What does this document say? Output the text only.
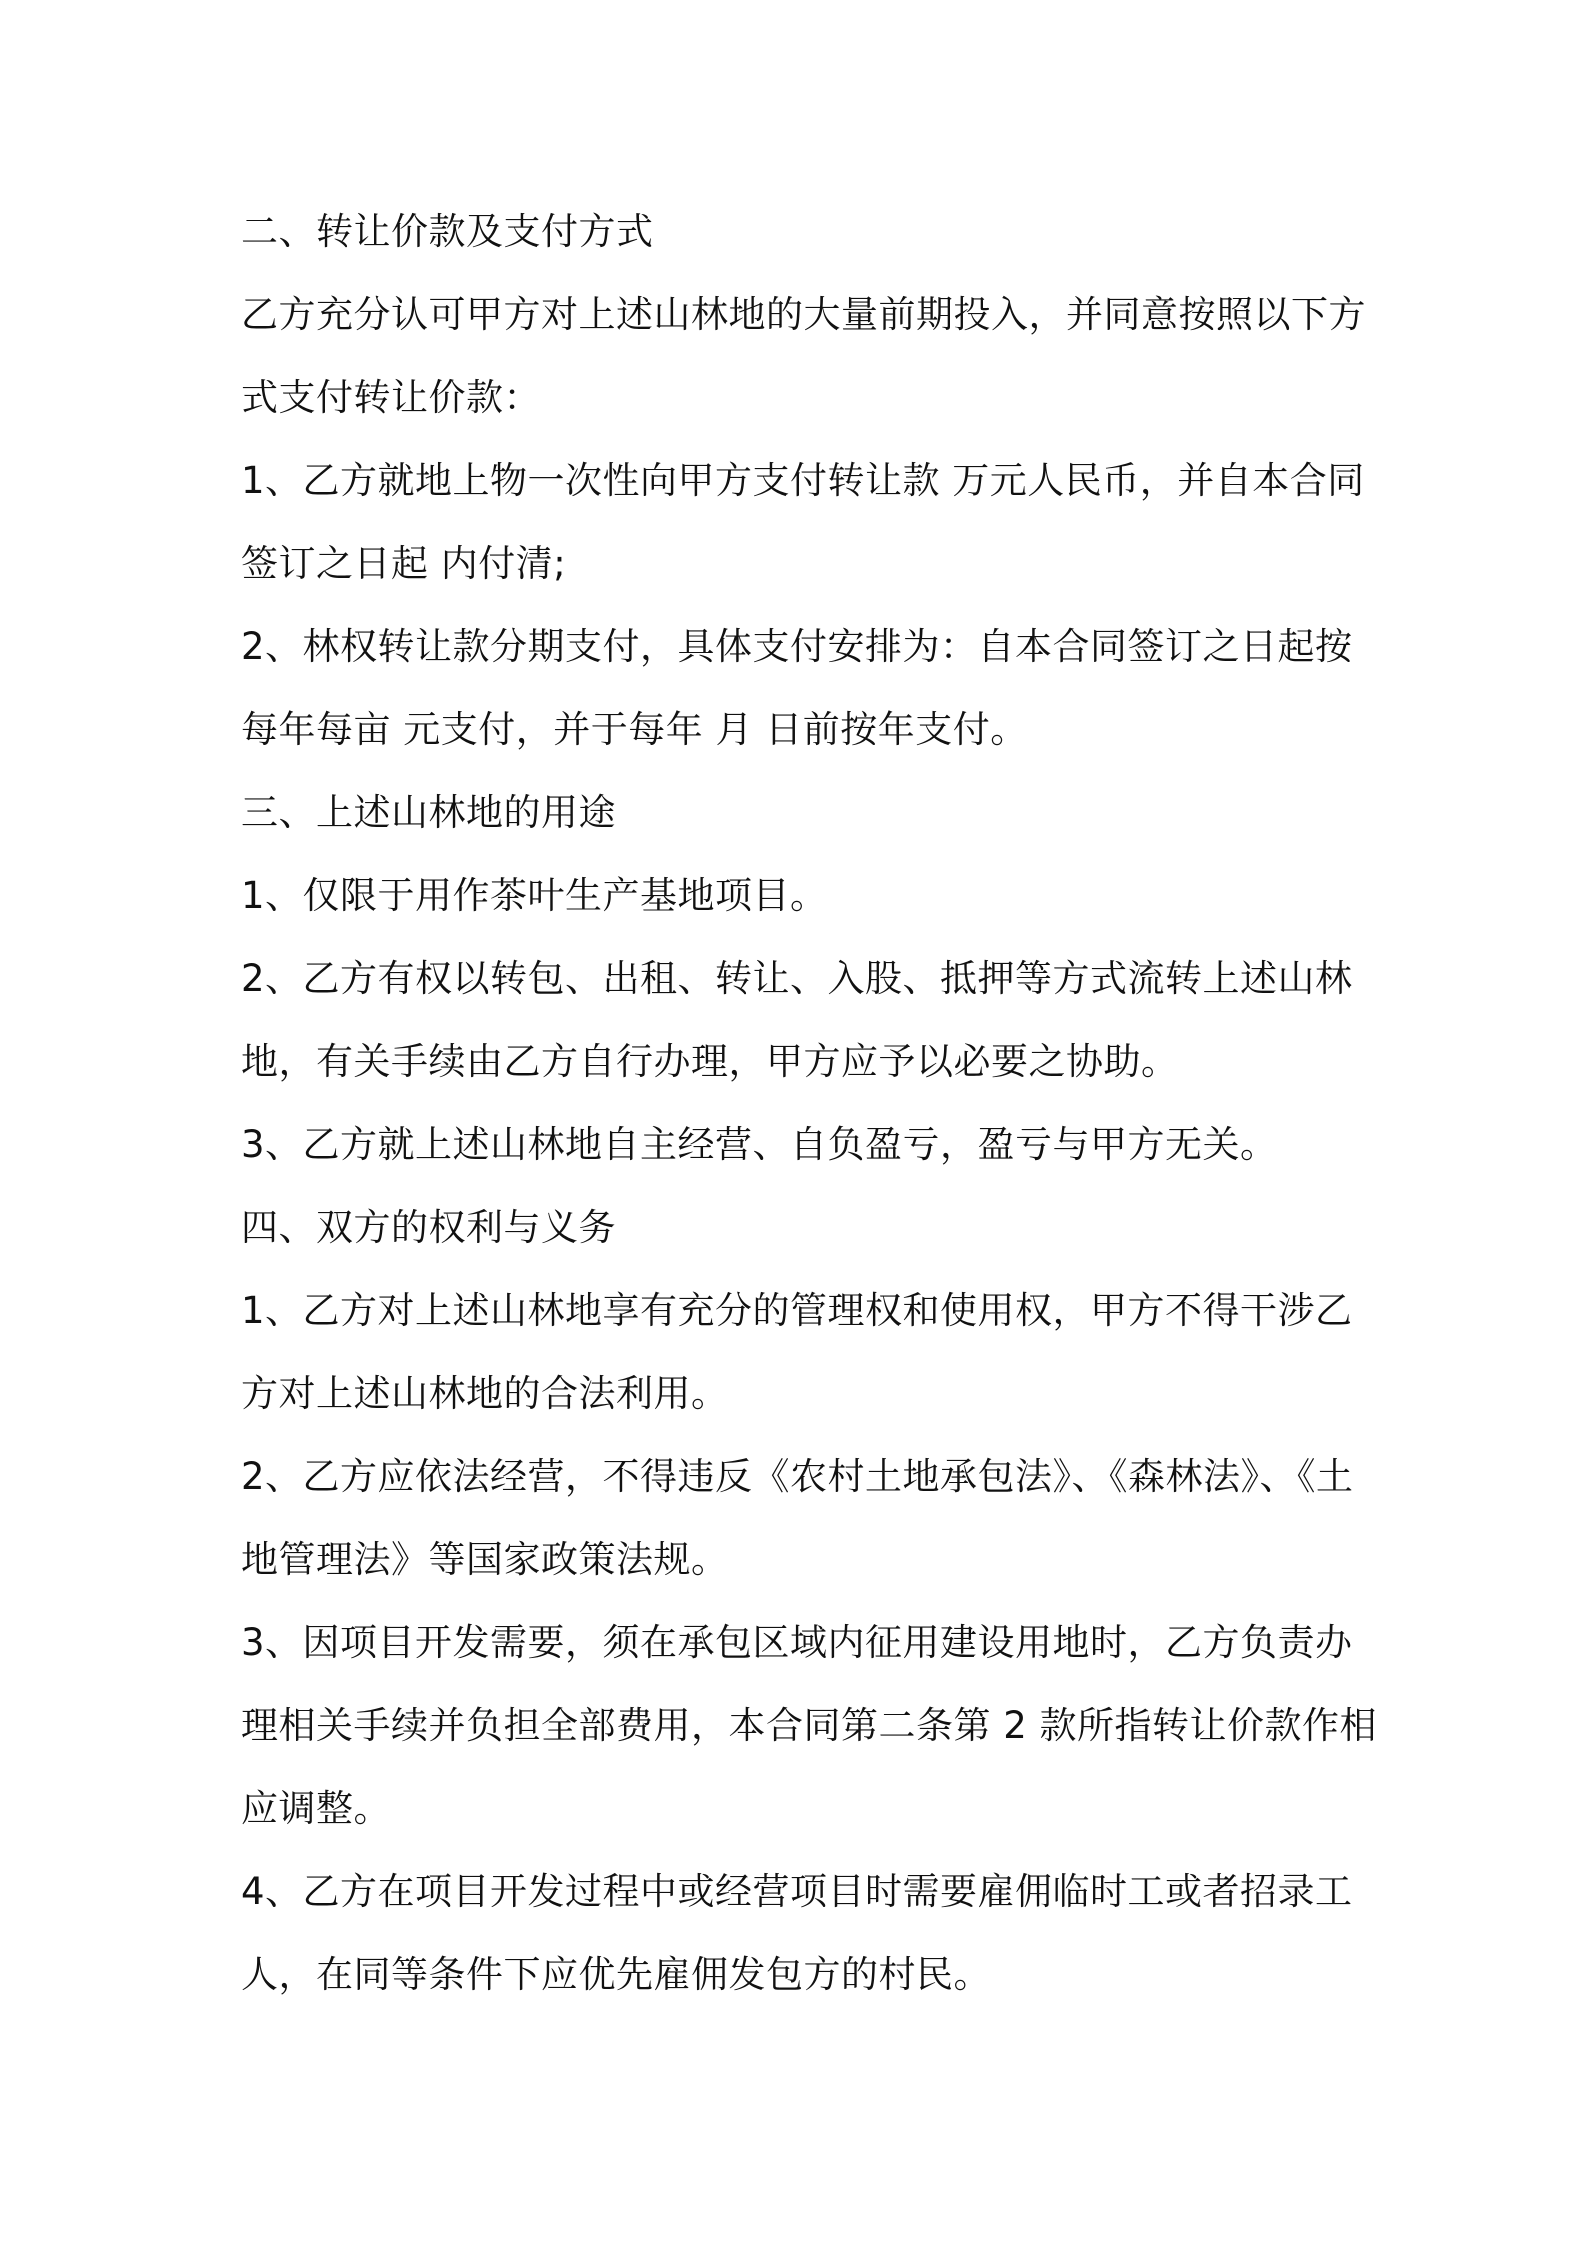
二、转让价款及支付方式
乙方充分认可甲方对上述山林地的大量前期投入，并同意按照以下方
式支付转让价款：
1、乙方就地上物一次性向甲方支付转让款 万元人民币，并自本合同
签订之日起 内付清;
2、林权转让款分期支付，具体支付安排为：自本合同签订之日起按
每年每亩 元支付，并于每年 月 日前按年支付。
三、上述山林地的用途
1、仅限于用作茶叶生产基地项目。
2、乙方有权以转包、出租、转让、入股、抵押等方式流转上述山林
地，有关手续由乙方自行办理，甲方应予以必要之协助。
3、乙方就上述山林地自主经营、自负盈亏，盈亏与甲方无关。
四、双方的权利与义务
1、乙方对上述山林地享有充分的管理权和使用权，甲方不得干涉乙
方对上述山林地的合法利用。
2、乙方应依法经营，不得违反《农村土地承包法》、《森林法》、《土
地管理法》等国家政策法规。
3、因项目开发需要，须在承包区域内征用建设用地时，乙方负责办
理相关手续并负担全部费用，本合同第二条第 2 款所指转让价款作相
应调整。
4、乙方在项目开发过程中或经营项目时需要雇佣临时工或者招录工
人，在同等条件下应优先雇佣发包方的村民。
